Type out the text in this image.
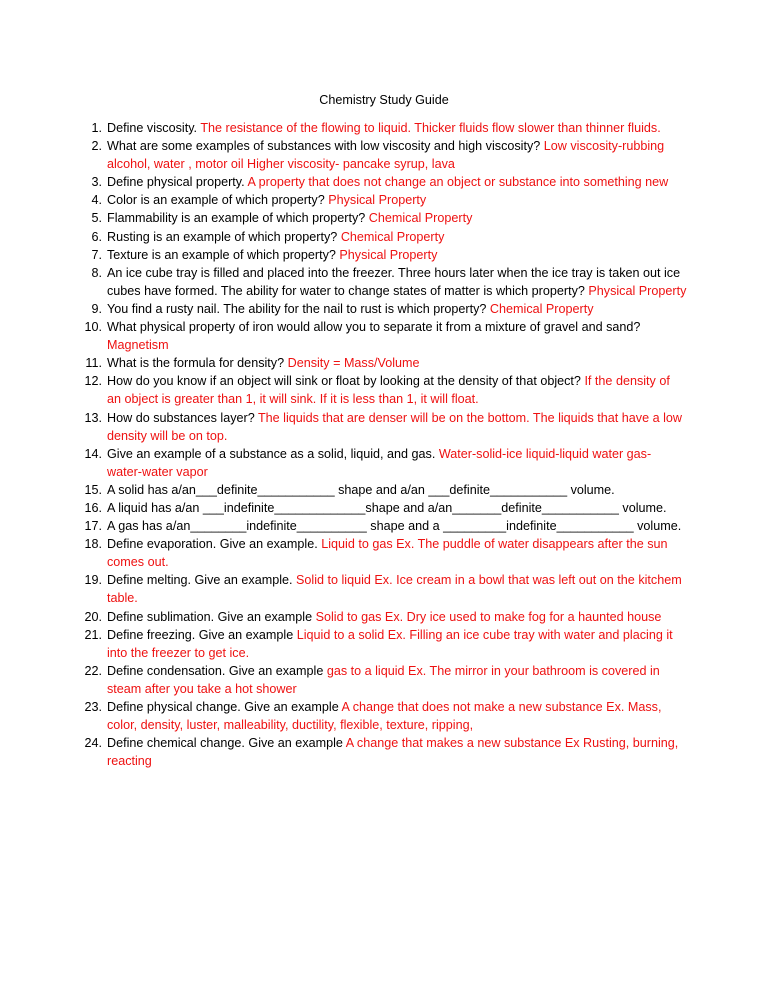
Chemistry Study Guide
1. Define viscosity. The resistance of the flowing to liquid. Thicker fluids flow slower than thinner fluids.
2. What are some examples of substances with low viscosity and high viscosity? Low viscosity-rubbing alcohol, water , motor oil Higher viscosity- pancake syrup, lava
3. Define physical property. A property that does not change an object or substance into something new
4. Color is an example of which property? Physical Property
5. Flammability is an example of which property? Chemical Property
6. Rusting is an example of which property? Chemical Property
7. Texture is an example of which property? Physical Property
8. An ice cube tray is filled and placed into the freezer. Three hours later when the ice tray is taken out ice cubes have formed. The ability for water to change states of matter is which property? Physical Property
9. You find a rusty nail. The ability for the nail to rust is which property? Chemical Property
10. What physical property of iron would allow you to separate it from a mixture of gravel and sand? Magnetism
11. What is the formula for density? Density = Mass/Volume
12. How do you know if an object will sink or float by looking at the density of that object? If the density of an object is greater than 1, it will sink. If it is less than 1, it will float.
13. How do substances layer? The liquids that are denser will be on the bottom. The liquids that have a low density will be on top.
14. Give an example of a substance as a solid, liquid, and gas. Water-solid-ice liquid-liquid water gas- water-water vapor
15. A solid has a/an___definite___________ shape and a/an ___definite___________ volume.
16. A liquid has a/an ___indefinite_____________shape and a/an_______definite___________ volume.
17. A gas has a/an________indefinite__________ shape and a _________indefinite___________ volume.
18. Define evaporation. Give an example. Liquid to gas Ex. The puddle of water disappears after the sun comes out.
19. Define melting. Give an example. Solid to liquid Ex. Ice cream in a bowl that was left out on the kitchem table.
20. Define sublimation. Give an example Solid to gas Ex. Dry ice used to make fog for a haunted house
21. Define freezing. Give an example Liquid to a solid Ex. Filling an ice cube tray with water and placing it into the freezer to get ice.
22. Define condensation. Give an example gas to a liquid Ex. The mirror in your bathroom is covered in steam after you take a hot shower
23. Define physical change. Give an example A change that does not make a new substance Ex. Mass, color, density, luster, malleability, ductility, flexible, texture, ripping,
24. Define chemical change. Give an example A change that makes a new substance Ex Rusting, burning, reacting
